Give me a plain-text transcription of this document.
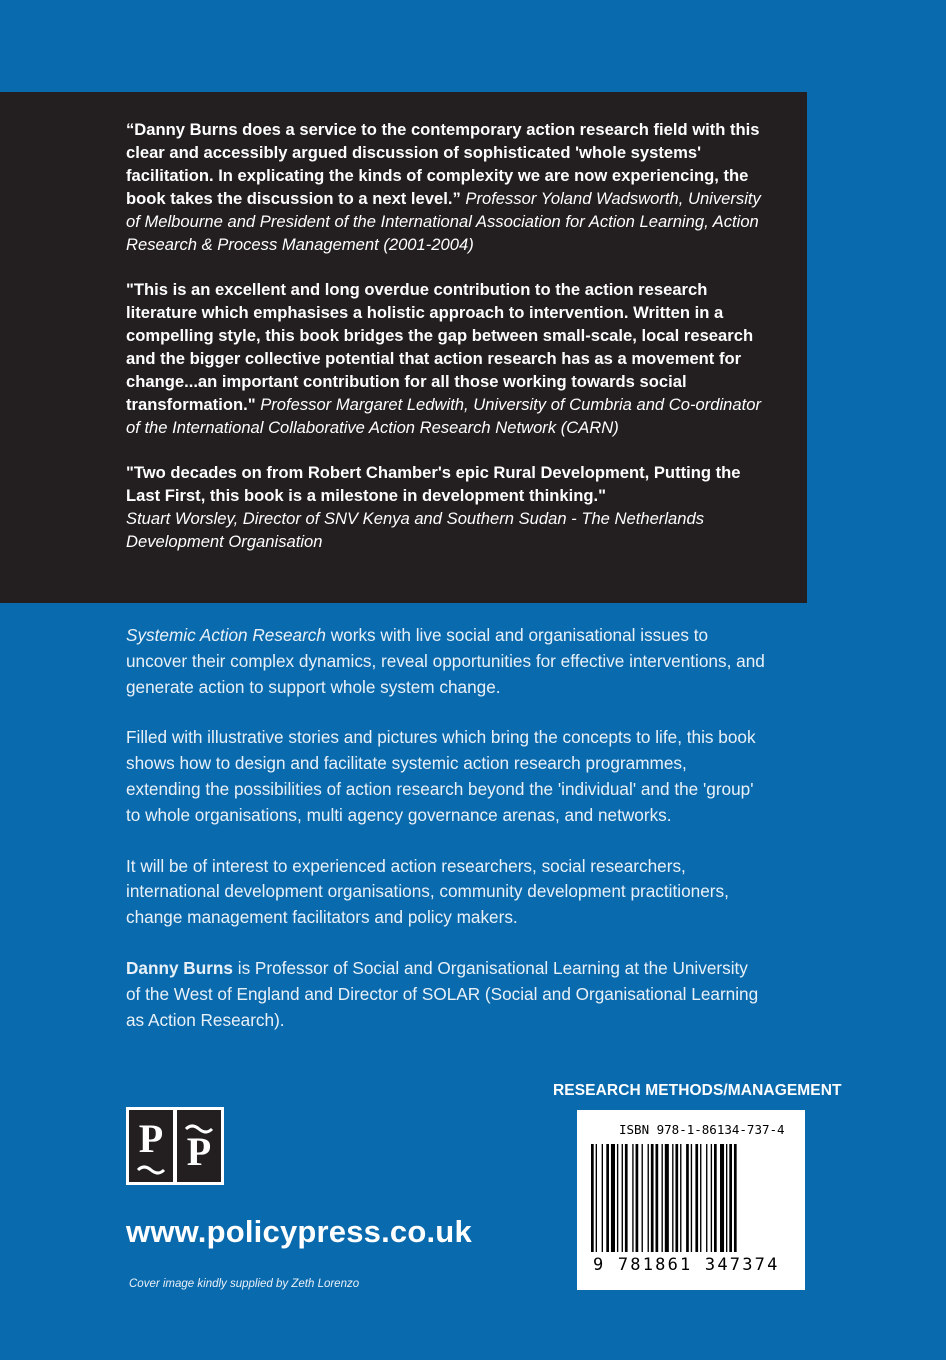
“Danny Burns does a service to the contemporary action research field with this clear and accessibly argued discussion of sophisticated 'whole systems' facilitation. In explicating the kinds of complexity we are now experiencing, the book takes the discussion to a next level.” Professor Yoland Wadsworth, University of Melbourne and President of the International Association for Action Learning, Action Research & Process Management (2001-2004)

"This is an excellent and long overdue contribution to the action research literature which emphasises a holistic approach to intervention. Written in a compelling style, this book bridges the gap between small-scale, local research and the bigger collective potential that action research has as a movement for change...an important contribution for all those working towards social transformation." Professor Margaret Ledwith, University of Cumbria and Co-ordinator of the International Collaborative Action Research Network (CARN)

"Two decades on from Robert Chamber's epic Rural Development, Putting the Last First, this book is a milestone in development thinking."
Stuart Worsley, Director of SNV Kenya and Southern Sudan - The Netherlands Development Organisation

Systemic Action Research works with live social and organisational issues to uncover their complex dynamics, reveal opportunities for effective interventions, and generate action to support whole system change.

Filled with illustrative stories and pictures which bring the concepts to life, this book shows how to design and facilitate systemic action research programmes, extending the possibilities of action research beyond the 'individual' and the 'group' to whole organisations, multi agency governance arenas, and networks.

It will be of interest to experienced action researchers, social researchers, international development organisations, community development practitioners, change management facilitators and policy makers.

Danny Burns is Professor of Social and Organisational Learning at the University of the West of England and Director of SOLAR (Social and Organisational Learning as Action Research).

RESEARCH METHODS/MANAGEMENT
ISBN 978-1-86134-737-4
9 781861 347374
P P
www.policypress.co.uk
Cover image kindly supplied by Zeth Lorenzo
